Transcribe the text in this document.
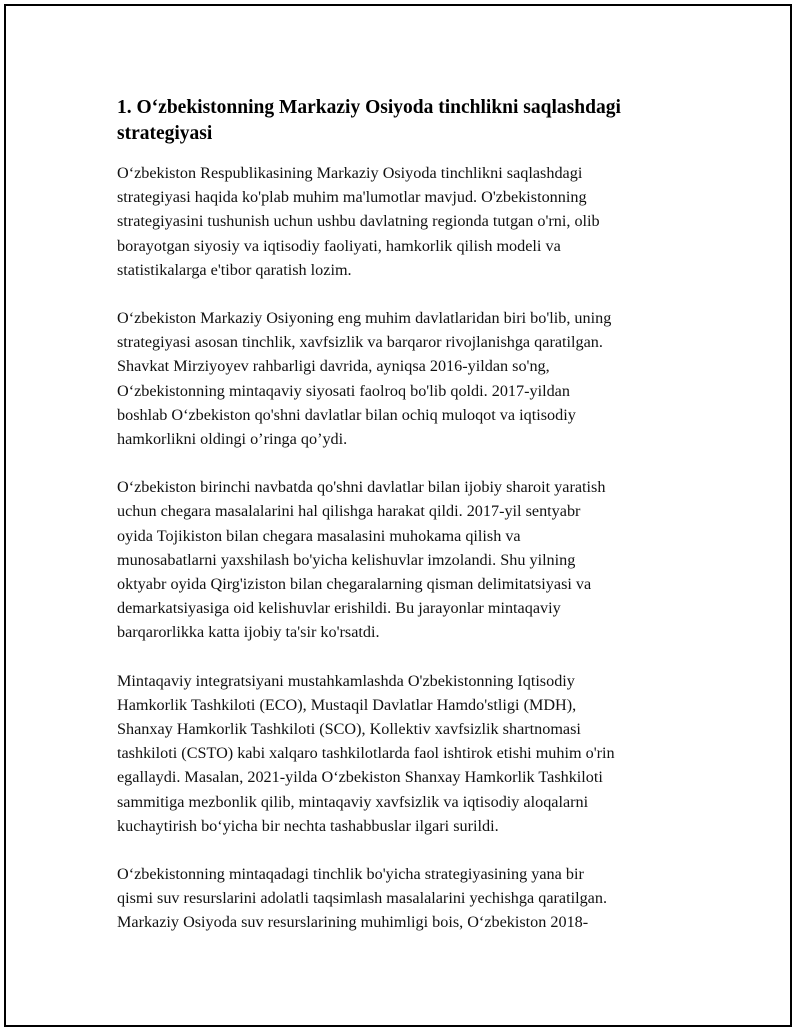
1. O‘zbekistonning Markaziy Osiyoda tinchlikni saqlashdagi
strategiyasi

O‘zbekiston Respublikasining Markaziy Osiyoda tinchlikni saqlashdagi
strategiyasi haqida ko'plab muhim ma'lumotlar mavjud. O'zbekistonning
strategiyasini tushunish uchun ushbu davlatning regionda tutgan o'rni, olib
borayotgan siyosiy va iqtisodiy faoliyati, hamkorlik qilish modeli va
statistikalarga e'tibor qaratish lozim.

O‘zbekiston Markaziy Osiyoning eng muhim davlatlaridan biri bo'lib, uning
strategiyasi asosan tinchlik, xavfsizlik va barqaror rivojlanishga qaratilgan.
Shavkat Mirziyoyev rahbarligi davrida, ayniqsa 2016-yildan so'ng,
O‘zbekistonning mintaqaviy siyosati faolroq bo'lib qoldi. 2017-yildan
boshlab O‘zbekiston qo'shni davlatlar bilan ochiq muloqot va iqtisodiy
hamkorlikni oldingi o’ringa qo’ydi.

O‘zbekiston birinchi navbatda qo'shni davlatlar bilan ijobiy sharoit yaratish
uchun chegara masalalarini hal qilishga harakat qildi. 2017-yil sentyabr
oyida Tojikiston bilan chegara masalasini muhokama qilish va
munosabatlarni yaxshilash bo'yicha kelishuvlar imzolandi. Shu yilning
oktyabr oyida Qirg'iziston bilan chegaralarning qisman delimitatsiyasi va
demarkatsiyasiga oid kelishuvlar erishildi. Bu jarayonlar mintaqaviy
barqarorlikka katta ijobiy ta'sir ko'rsatdi.

Mintaqaviy integratsiyani mustahkamlashda O'zbekistonning Iqtisodiy
Hamkorlik Tashkiloti (ECO), Mustaqil Davlatlar Hamdo'stligi (MDH),
Shanxay Hamkorlik Tashkiloti (SCO), Kollektiv xavfsizlik shartnomasi
tashkiloti (CSTO) kabi xalqaro tashkilotlarda faol ishtirok etishi muhim o'rin
egallaydi. Masalan, 2021-yilda O‘zbekiston Shanxay Hamkorlik Tashkiloti
sammitiga mezbonlik qilib, mintaqaviy xavfsizlik va iqtisodiy aloqalarni
kuchaytirish bo‘yicha bir nechta tashabbuslar ilgari surildi.

O‘zbekistonning mintaqadagi tinchlik bo'yicha strategiyasining yana bir
qismi suv resurslarini adolatli taqsimlash masalalarini yechishga qaratilgan.
Markaziy Osiyoda suv resurslarining muhimligi bois, O‘zbekiston 2018-
